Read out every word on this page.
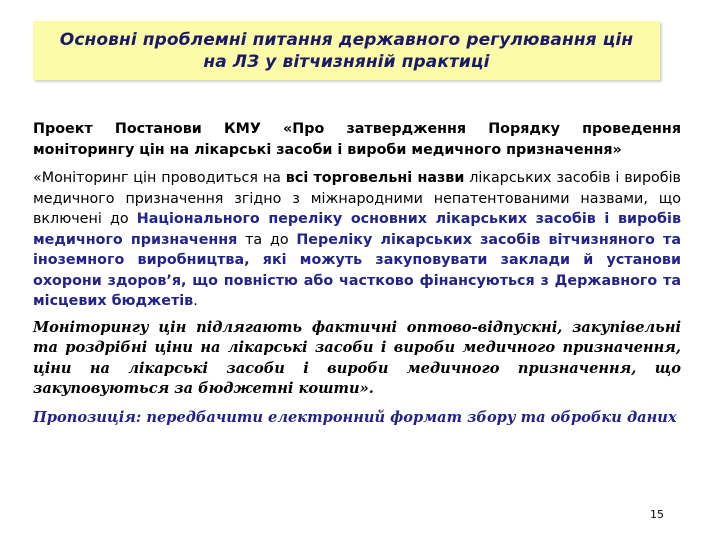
Основні проблемні питання державного регулювання цін
на ЛЗ у вітчизняній практиці

Проект Постанови КМУ «Про затвердження Порядку проведення моніторингу цін на лікарські засоби і вироби медичного призначення»

«Моніторинг цін проводиться на всі торговельні назви лікарських засобів і виробів медичного призначення згідно з міжнародними непатентованими назвами, що включені до Національного переліку основних лікарських засобів і виробів медичного призначення та до Переліку лікарських засобів вітчизняного та іноземного виробництва, які можуть закуповувати заклади й установи охорони здоров’я, що повністю або частково фінансуються з Державного та місцевих бюджетів.

Моніторингу цін підлягають фактичні оптово-відпускні, закупівельні та роздрібні ціни на лікарські засоби і вироби медичного призначення, ціни на лікарські засоби і вироби медичного призначення, що закуповуються за бюджетні кошти».

Пропозиція: передбачити електронний формат збору та обробки даних

15
